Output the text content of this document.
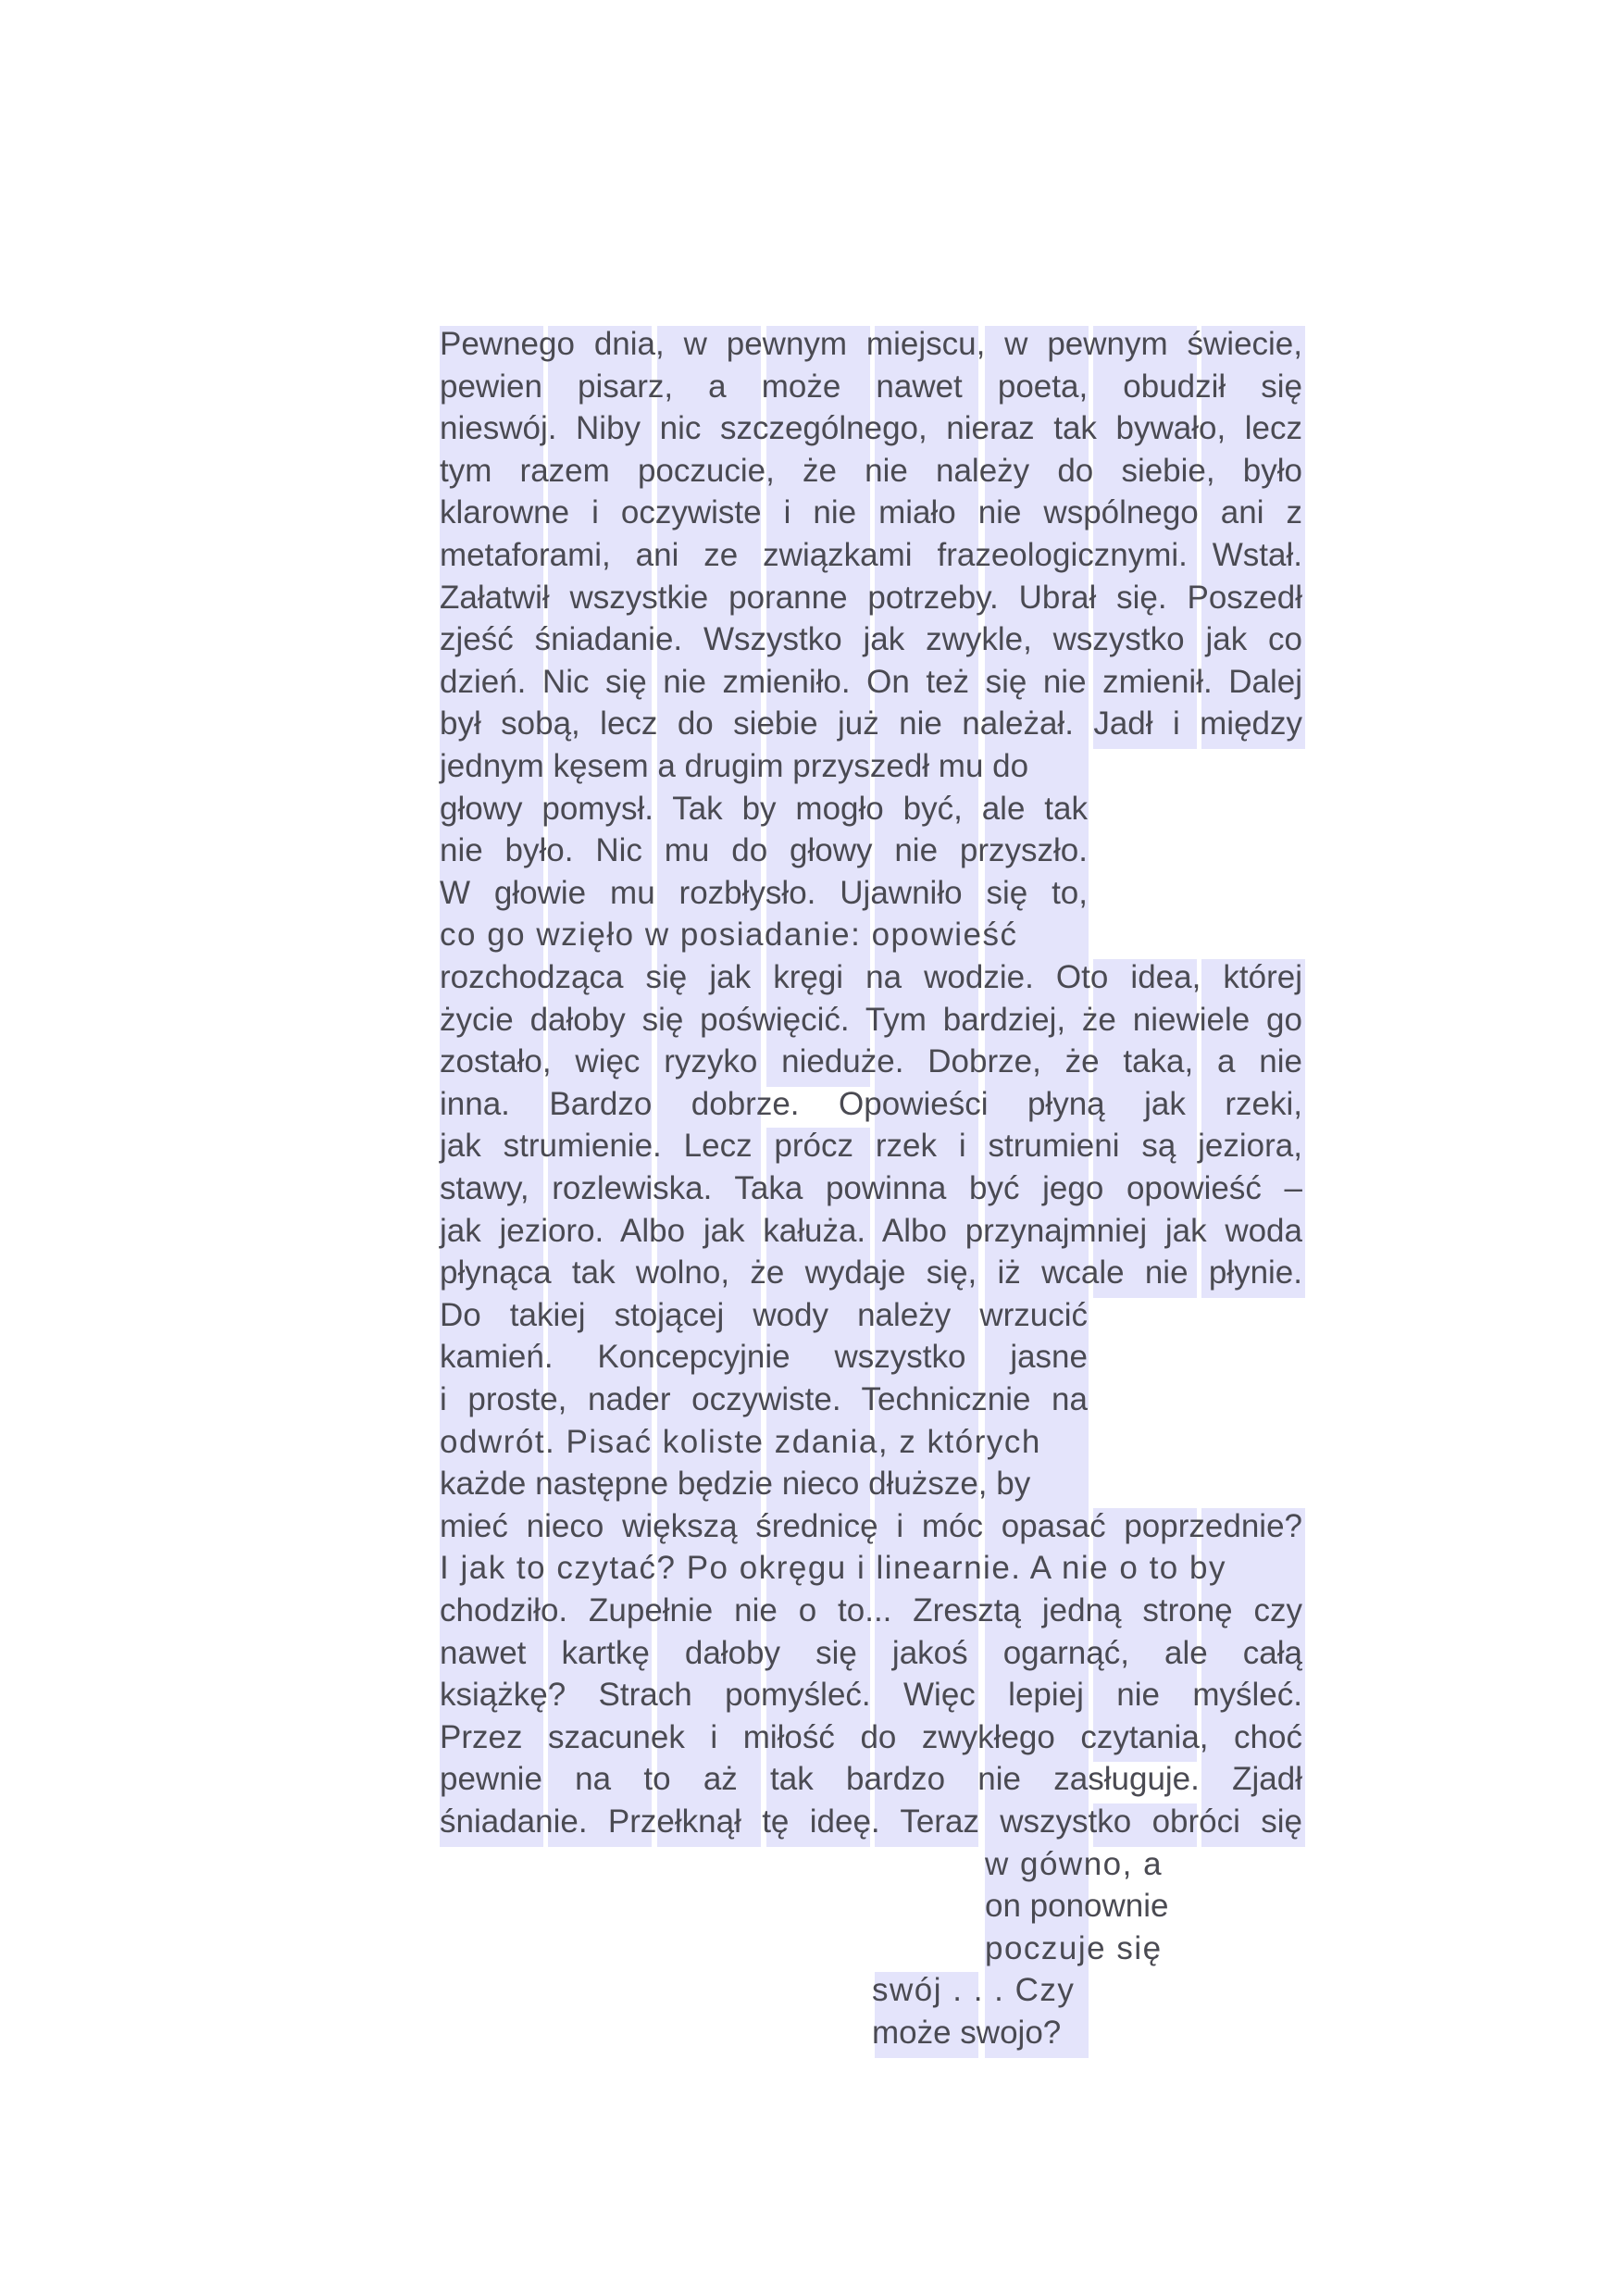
Pewnego dnia, w pewnym miejscu, w pewnym świecie,
pewien pisarz, a może nawet poeta, obudził się
nieswój. Niby nic szczególnego, nieraz tak bywało, lecz
tym razem poczucie, że nie należy do siebie, było
klarowne i oczywiste i nie miało nie wspólnego ani z
metaforami, ani ze związkami frazeologicznymi. Wstał.
Załatwił wszystkie poranne potrzeby. Ubrał się. Poszedł
zjeść śniadanie. Wszystko jak zwykle, wszystko jak co
dzień. Nic się nie zmieniło. On też się nie zmienił. Dalej
był sobą, lecz do siebie już nie należał. Jadł i między
jednym kęsem a drugim przyszedł mu do
głowy pomysł. Tak by mogło być, ale tak
nie było. Nic mu do głowy nie przyszło.
W głowie mu rozbłysło. Ujawniło się to,
co go wzięło w posiadanie: opowieść
rozchodząca się jak kręgi na wodzie. Oto idea, której
życie dałoby się poświęcić. Tym bardziej, że niewiele go
zostało, więc ryzyko nieduże. Dobrze, że taka, a nie
inna. Bardzo dobrze. Opowieści płyną jak rzeki,
jak strumienie. Lecz prócz rzek i strumieni są jeziora,
stawy, rozlewiska. Taka powinna być jego opowieść –
jak jezioro. Albo jak kałuża. Albo przynajmniej jak woda
płynąca tak wolno, że wydaje się, iż wcale nie płynie.
Do takiej stojącej wody należy wrzucić
kamień. Koncepcyjnie wszystko jasne
i proste, nader oczywiste. Technicznie na
odwrót. Pisać koliste zdania, z których
każde następne będzie nieco dłuższe, by
mieć nieco większą średnicę i móc opasać poprzednie?
I jak to czytać? Po okręgu i linearnie. A nie o to by
chodziło. Zupełnie nie o to... Zresztą jedną stronę czy
nawet kartkę dałoby się jakoś ogarnąć, ale całą
książkę? Strach pomyśleć. Więc lepiej nie myśleć.
Przez szacunek i miłość do zwykłego czytania, choć
pewnie na to aż tak bardzo nie zasługuje. Zjadł
śniadanie. Przełknął tę ideę. Teraz wszystko obróci się
w gówno, a
on ponownie
poczuje się
swój . . . Czy
może swojo?
